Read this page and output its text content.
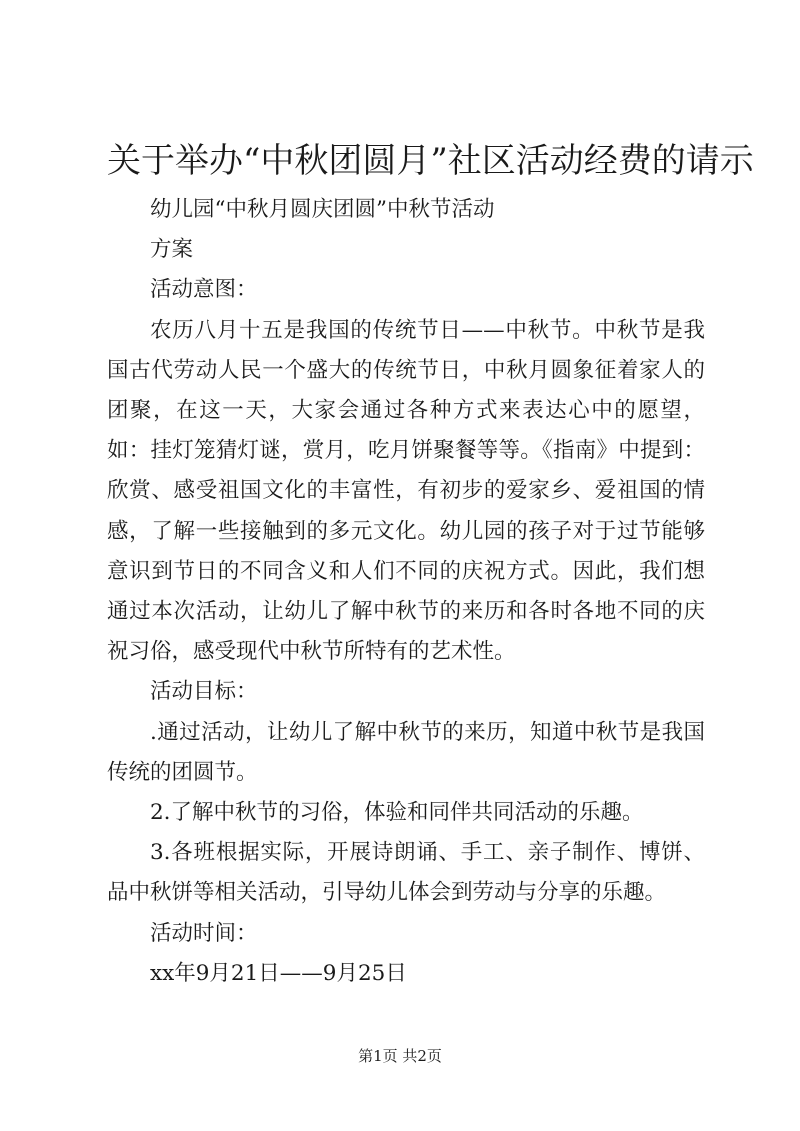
关于举办“中秋团圆月”社区活动经费的请示

幼儿园“中秋月圆庆团圆”中秋节活动

方案

活动意图：

农历八月十五是我国的传统节日——中秋节。中秋节是我国古代劳动人民一个盛大的传统节日，中秋月圆象征着家人的团聚，在这一天，大家会通过各种方式来表达心中的愿望，如：挂灯笼猜灯谜，赏月，吃月饼聚餐等等。《指南》中提到：欣赏、感受祖国文化的丰富性，有初步的爱家乡、爱祖国的情感，了解一些接触到的多元文化。幼儿园的孩子对于过节能够意识到节日的不同含义和人们不同的庆祝方式。因此，我们想通过本次活动，让幼儿了解中秋节的来历和各时各地不同的庆祝习俗，感受现代中秋节所特有的艺术性。

活动目标：

.通过活动，让幼儿了解中秋节的来历，知道中秋节是我国传统的团圆节。

2.了解中秋节的习俗，体验和同伴共同活动的乐趣。

3.各班根据实际，开展诗朗诵、手工、亲子制作、博饼、品中秋饼等相关活动，引导幼儿体会到劳动与分享的乐趣。

活动时间：

xx年9月21日——9月25日

第1页 共2页
